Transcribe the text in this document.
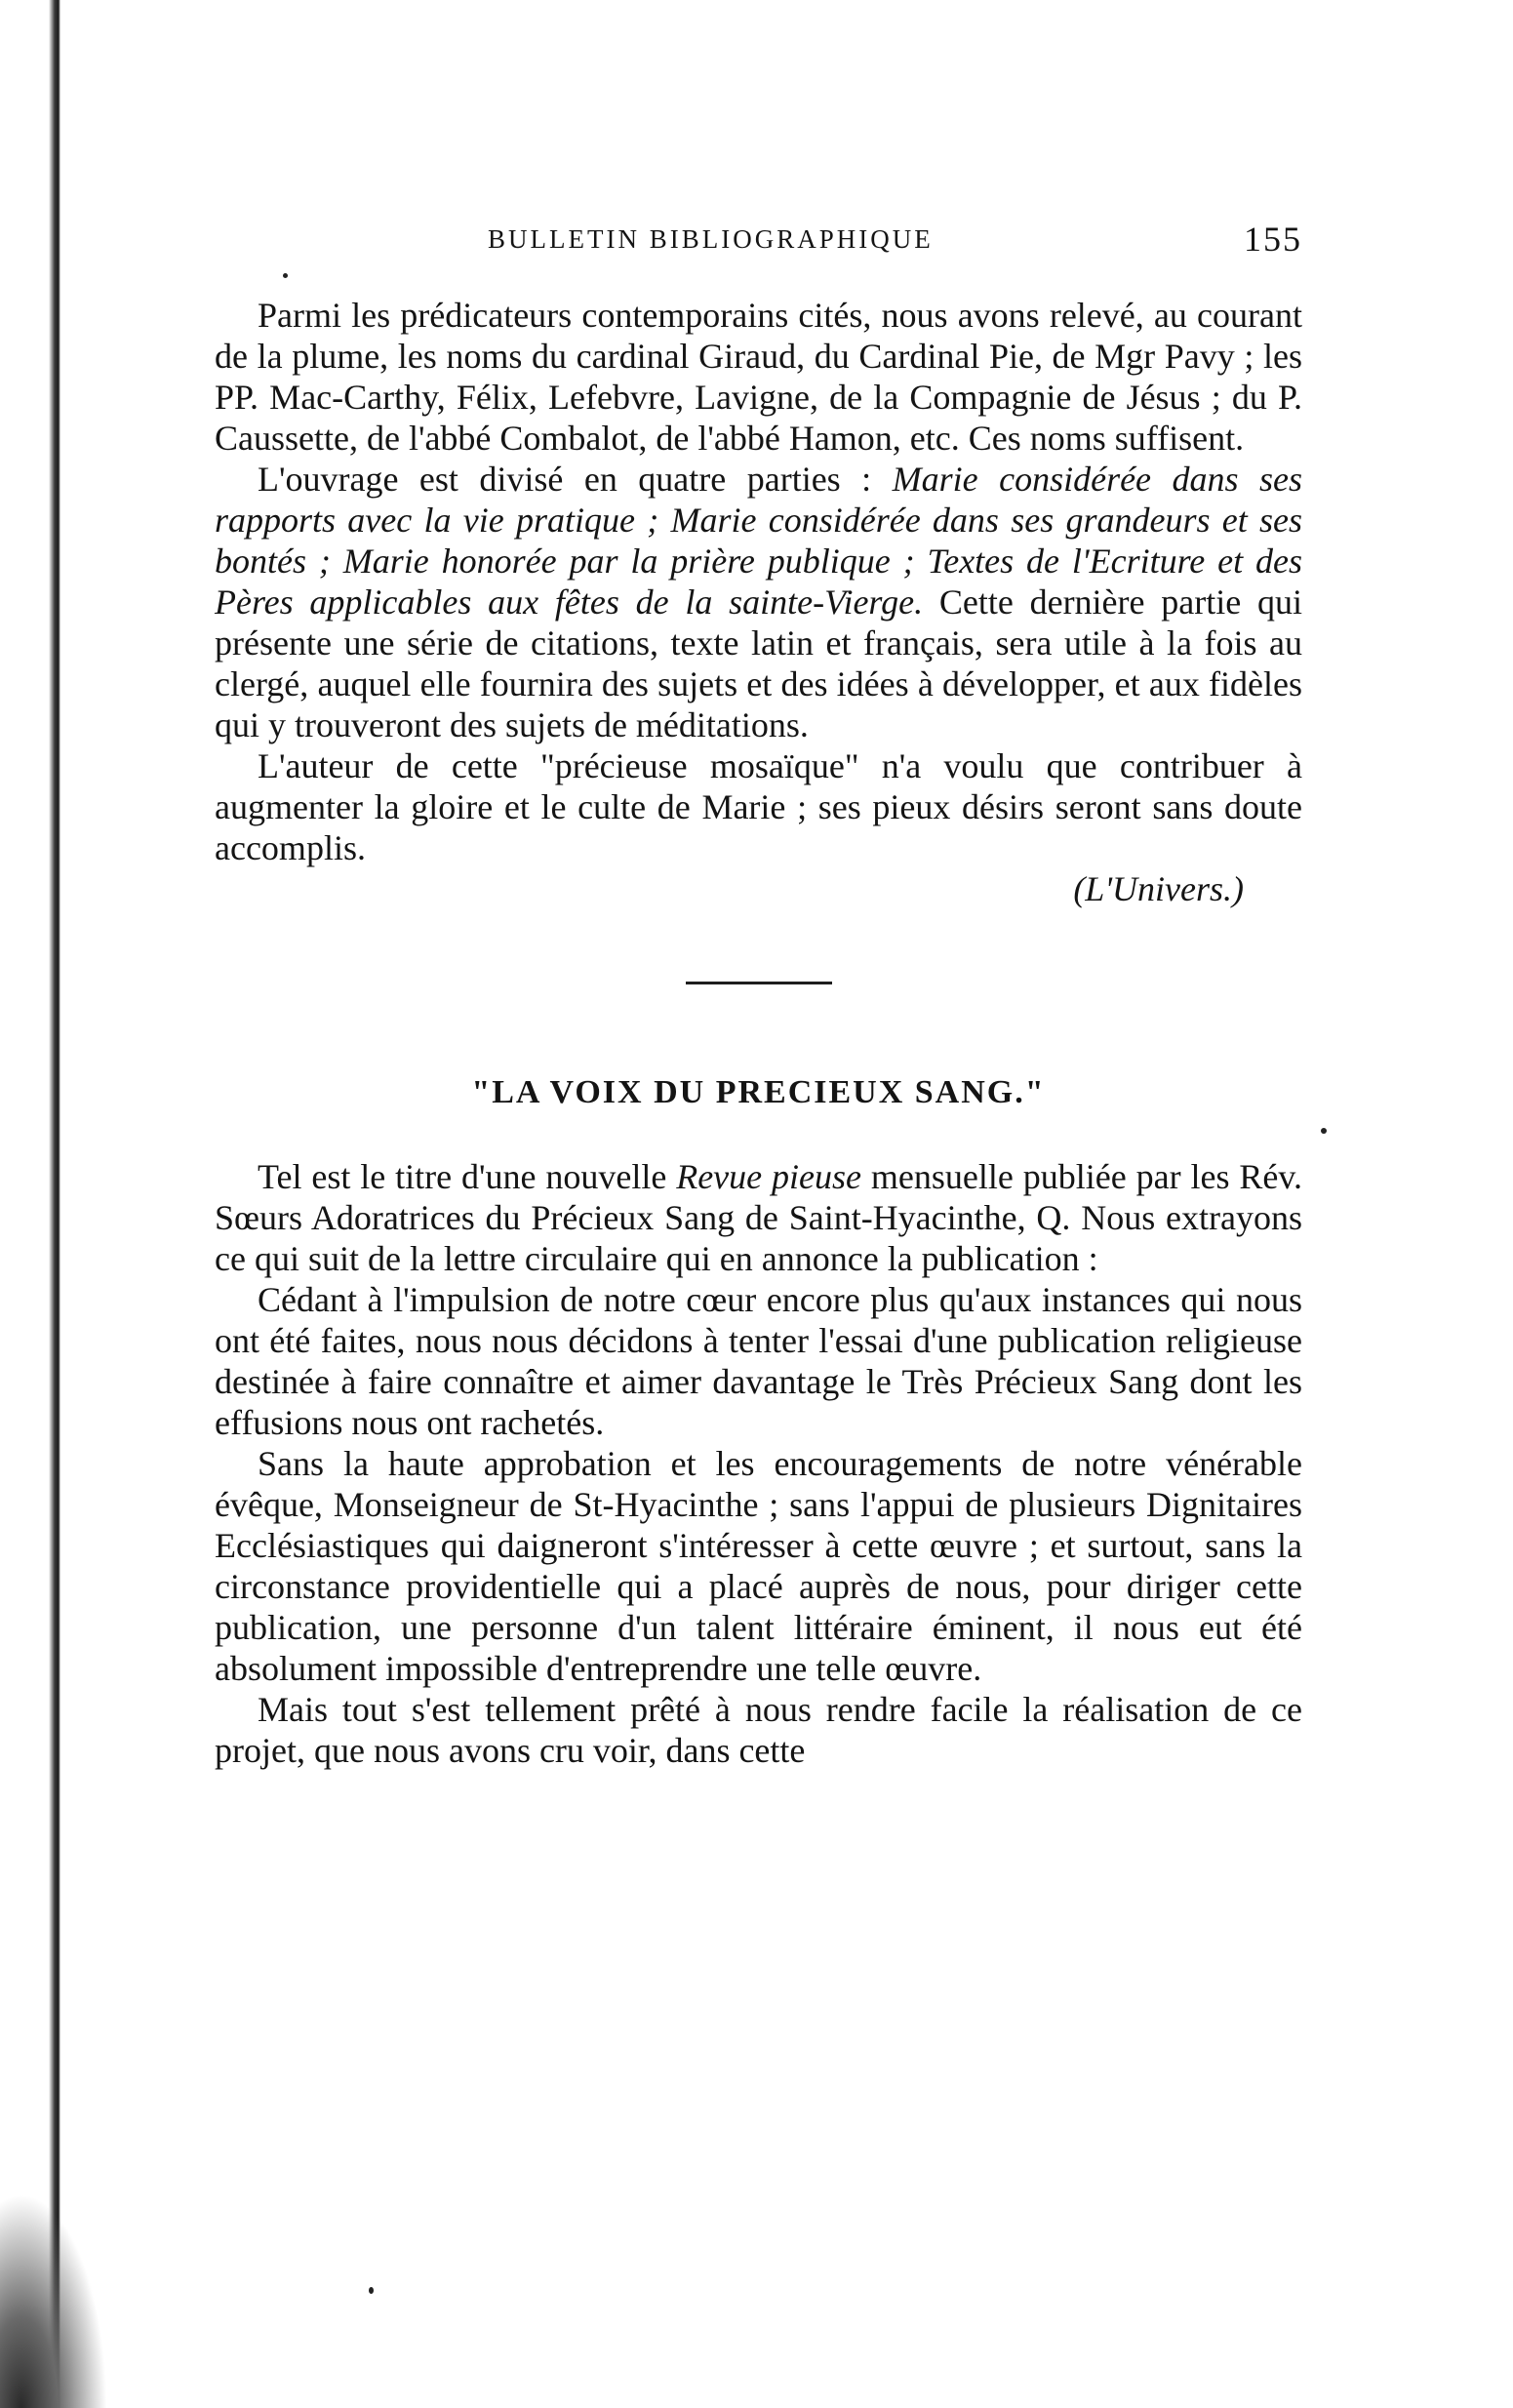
BULLETIN BIBLIOGRAPHIQUE	155

Parmi les prédicateurs contemporains cités, nous avons relevé, au courant de la plume, les noms du cardinal Giraud, du Cardinal Pie, de Mgr Pavy ; les PP. Mac-Carthy, Félix, Lefebvre, Lavigne, de la Compagnie de Jésus ; du P. Caussette, de l'abbé Combalot, de l'abbé Hamon, etc. Ces noms suffisent.

L'ouvrage est divisé en quatre parties : Marie considérée dans ses rapports avec la vie pratique ; Marie considérée dans ses grandeurs et ses bontés ; Marie honorée par la prière publique ; Textes de l'Ecriture et des Pères applicables aux fêtes de la sainte-Vierge. Cette dernière partie qui présente une série de citations, texte latin et français, sera utile à la fois au clergé, auquel elle fournira des sujets et des idées à développer, et aux fidèles qui y trouveront des sujets de méditations.

L'auteur de cette "précieuse mosaïque" n'a voulu que contribuer à augmenter la gloire et le culte de Marie ; ses pieux désirs seront sans doute accomplis.

(L'Univers.)
"LA VOIX DU PRECIEUX SANG."

Tel est le titre d'une nouvelle Revue pieuse mensuelle publiée par les Rév. Sœurs Adoratrices du Précieux Sang de Saint-Hyacinthe, Q. Nous extrayons ce qui suit de la lettre circulaire qui en annonce la publication :

Cédant à l'impulsion de notre cœur encore plus qu'aux instances qui nous ont été faites, nous nous décidons à tenter l'essai d'une publication religieuse destinée à faire connaître et aimer davantage le Très Précieux Sang dont les effusions nous ont rachetés.

Sans la haute approbation et les encouragements de notre vénérable évêque, Monseigneur de St-Hyacinthe ; sans l'appui de plusieurs Dignitaires Ecclésiastiques qui daigneront s'intéresser à cette œuvre ; et surtout, sans la circonstance providentielle qui a placé auprès de nous, pour diriger cette publication, une personne d'un talent littéraire éminent, il nous eut été absolument impossible d'entreprendre une telle œuvre.

Mais tout s'est tellement prêté à nous rendre facile la réalisation de ce projet, que nous avons cru voir, dans cette
